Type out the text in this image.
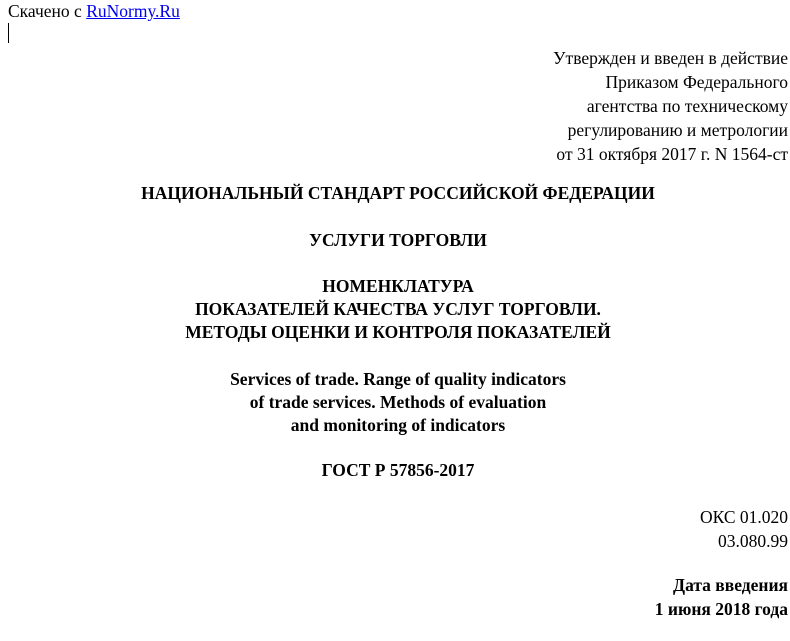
Скачено с RuNormy.Ru
Утвержден и введен в действие
Приказом Федерального
агентства по техническому
регулированию и метрологии
от 31 октября 2017 г. N 1564-ст
НАЦИОНАЛЬНЫЙ СТАНДАРТ РОССИЙСКОЙ ФЕДЕРАЦИИ
УСЛУГИ ТОРГОВЛИ
НОМЕНКЛАТУРА
ПОКАЗАТЕЛЕЙ КАЧЕСТВА УСЛУГ ТОРГОВЛИ.
МЕТОДЫ ОЦЕНКИ И КОНТРОЛЯ ПОКАЗАТЕЛЕЙ
Services of trade. Range of quality indicators
of trade services. Methods of evaluation
and monitoring of indicators
ГОСТ Р 57856-2017
ОКС 01.020
03.080.99
Дата введения
1 июня 2018 года
